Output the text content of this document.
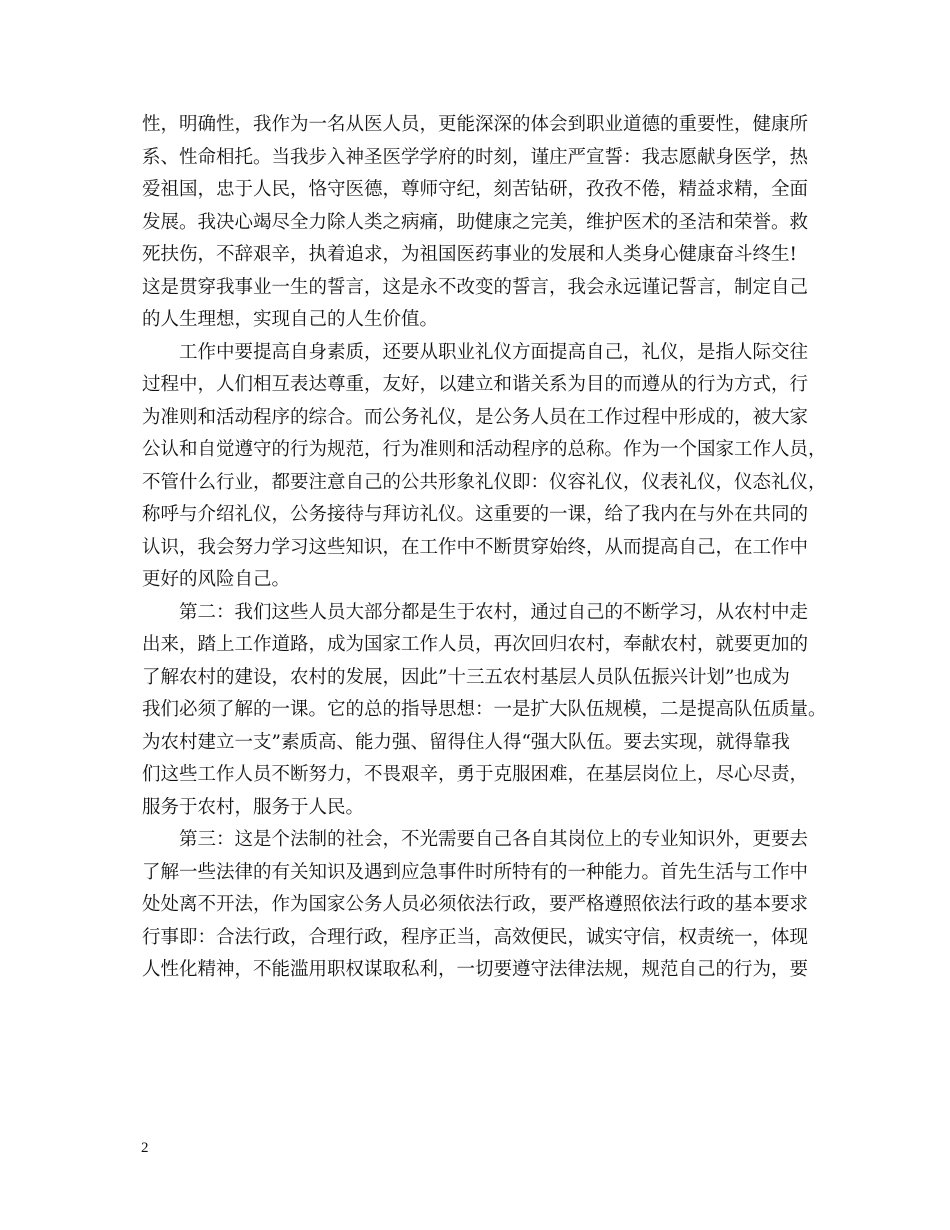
性，明确性，我作为一名从医人员，更能深深的体会到职业道德的重要性，健康所
系、性命相托。当我步入神圣医学学府的时刻，谨庄严宣誓：我志愿献身医学，热
爱祖国，忠于人民，恪守医德，尊师守纪，刻苦钻研，孜孜不倦，精益求精，全面
发展。我决心竭尽全力除人类之病痛，助健康之完美，维护医术的圣洁和荣誉。救
死扶伤，不辞艰辛，执着追求，为祖国医药事业的发展和人类身心健康奋斗终生!
这是贯穿我事业一生的誓言，这是永不改变的誓言，我会永远谨记誓言，制定自己
的人生理想，实现自己的人生价值。
工作中要提高自身素质，还要从职业礼仪方面提高自己，礼仪，是指人际交往
过程中，人们相互表达尊重，友好，以建立和谐关系为目的而遵从的行为方式，行
为准则和活动程序的综合。而公务礼仪，是公务人员在工作过程中形成的，被大家
公认和自觉遵守的行为规范，行为准则和活动程序的总称。作为一个国家工作人员，
不管什么行业，都要注意自己的公共形象礼仪即：仪容礼仪，仪表礼仪，仪态礼仪，
称呼与介绍礼仪，公务接待与拜访礼仪。这重要的一课，给了我内在与外在共同的
认识，我会努力学习这些知识，在工作中不断贯穿始终，从而提高自己，在工作中
更好的风险自己。
第二：我们这些人员大部分都是生于农村，通过自己的不断学习，从农村中走
出来，踏上工作道路，成为国家工作人员，再次回归农村，奉献农村，就要更加的
了解农村的建设，农村的发展，因此”十三五农村基层人员队伍振兴计划”也成为
我们必须了解的一课。它的总的指导思想：一是扩大队伍规模，二是提高队伍质量。
为农村建立一支”素质高、能力强、留得住人得“强大队伍。要去实现，就得靠我
们这些工作人员不断努力，不畏艰辛，勇于克服困难，在基层岗位上，尽心尽责，
服务于农村，服务于人民。
第三：这是个法制的社会，不光需要自己各自其岗位上的专业知识外，更要去
了解一些法律的有关知识及遇到应急事件时所特有的一种能力。首先生活与工作中
处处离不开法，作为国家公务人员必须依法行政，要严格遵照依法行政的基本要求
行事即：合法行政，合理行政，程序正当，高效便民，诚实守信，权责统一，体现
人性化精神，不能滥用职权谋取私利，一切要遵守法律法规，规范自己的行为，要
2
